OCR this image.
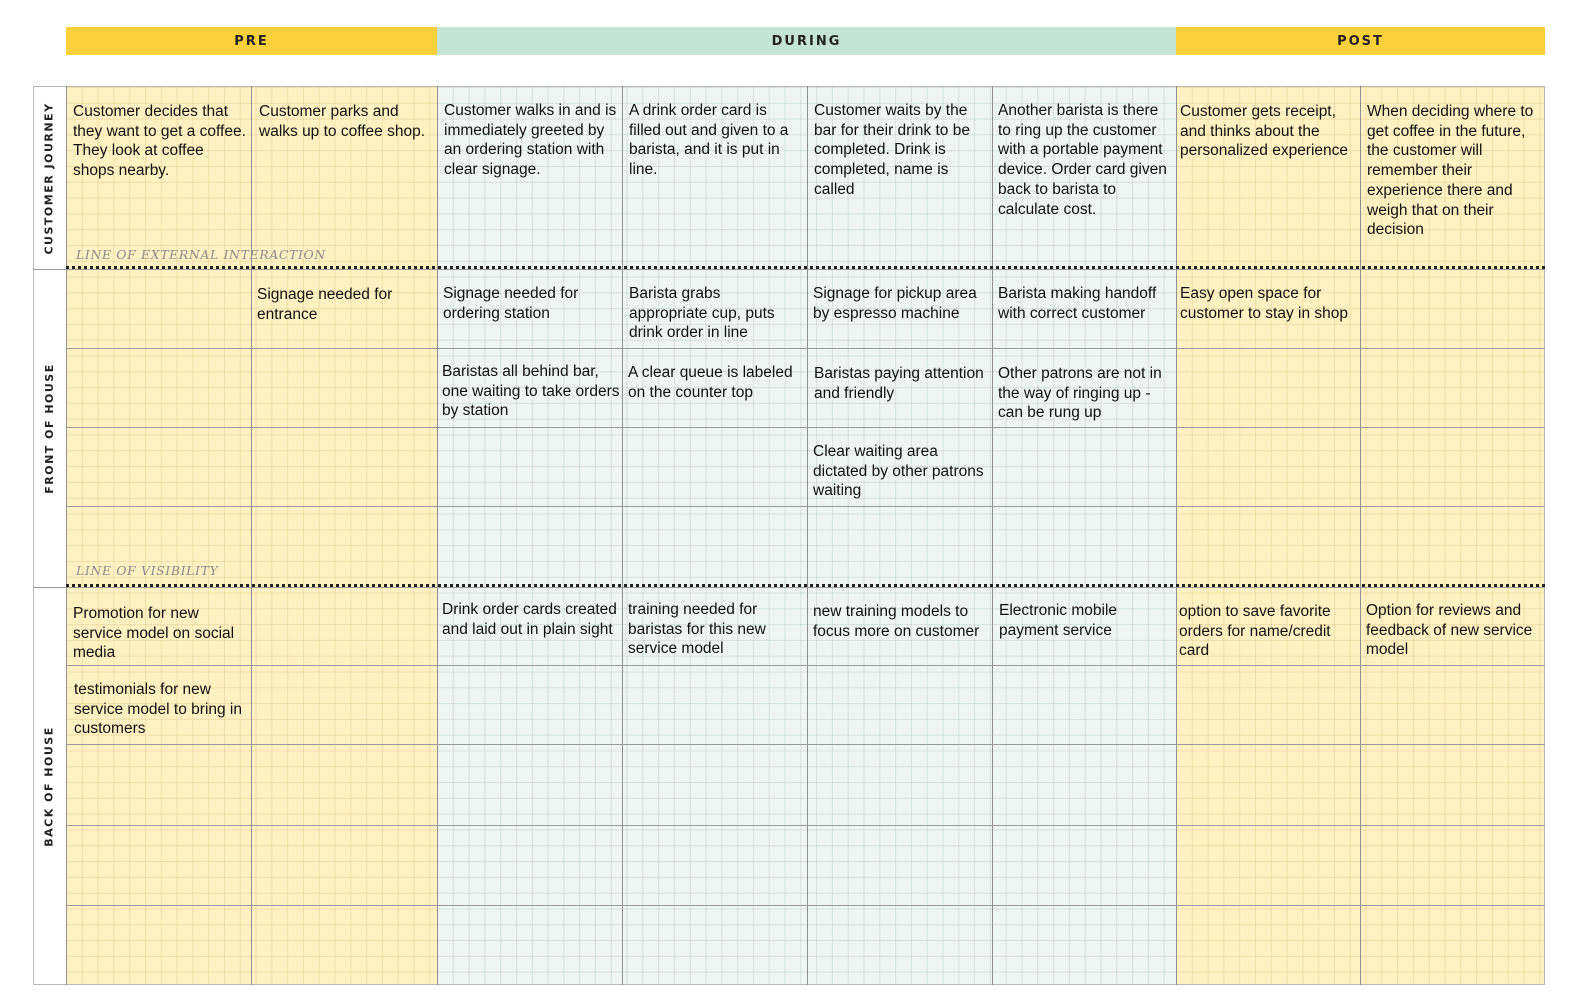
PRE	DURING	POST
LINE OF EXTERNAL INTERACTION
LINE OF VISIBILITY
CUSTOMER JOURNEY
FRONT OF HOUSE
BACK OF HOUSE
Customer decides that they want to get a coffee. They look at coffee shops nearby.
Customer parks and walks up to coffee shop.
Customer walks in and is immediately greeted by an ordering station with clear signage.
A drink order card is filled out and given to a barista, and it is put in line.
Customer waits by the bar for their drink to be completed. Drink is completed, name is called
Another barista is there to ring up the customer with a portable payment device. Order card given back to barista to calculate cost.
Customer gets receipt, and thinks about the personalized experience
When deciding where to get coffee in the future, the customer will remember their experience there and weigh that on their decision
Signage needed for entrance
Signage needed for ordering station
Barista grabs appropriate cup, puts drink order in line
Signage for pickup area by espresso machine
Barista making handoff with correct customer
Easy open space for customer to stay in shop
Baristas all behind bar, one waiting to take orders by station
A clear queue is labeled on the counter top
Baristas paying attention and friendly
Other patrons are not in the way of ringing up - can be rung up
Clear waiting area dictated by other patrons waiting
Promotion for new service model on social media
Drink order cards created and laid out in plain sight
training needed for baristas for this new service model
new training models to focus more on customer
Electronic mobile payment service
option to save favorite orders for name/credit card
Option for reviews and feedback of new service model
testimonials for new service model to bring in customers
